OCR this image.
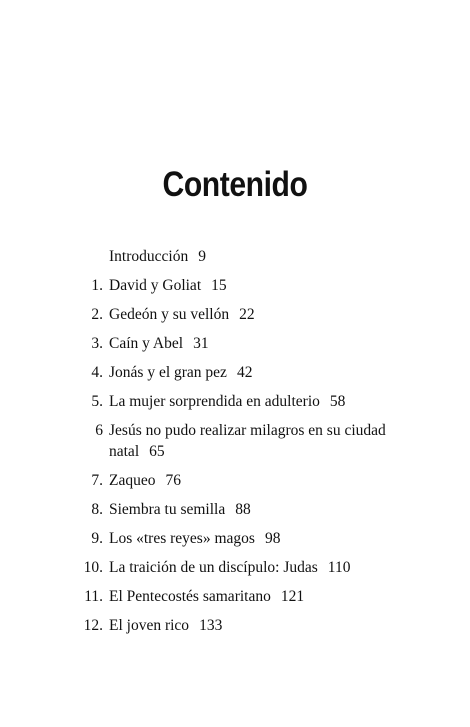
Contenido
Introducción 9
1. David y Goliat 15
2. Gedeón y su vellón 22
3. Caín y Abel 31
4. Jonás y el gran pez 42
5. La mujer sorprendida en adulterio 58
6 Jesús no pudo realizar milagros en su ciudad natal 65
7. Zaqueo 76
8. Siembra tu semilla 88
9. Los «tres reyes» magos 98
10. La traición de un discípulo: Judas 110
11. El Pentecostés samaritano 121
12. El joven rico 133
